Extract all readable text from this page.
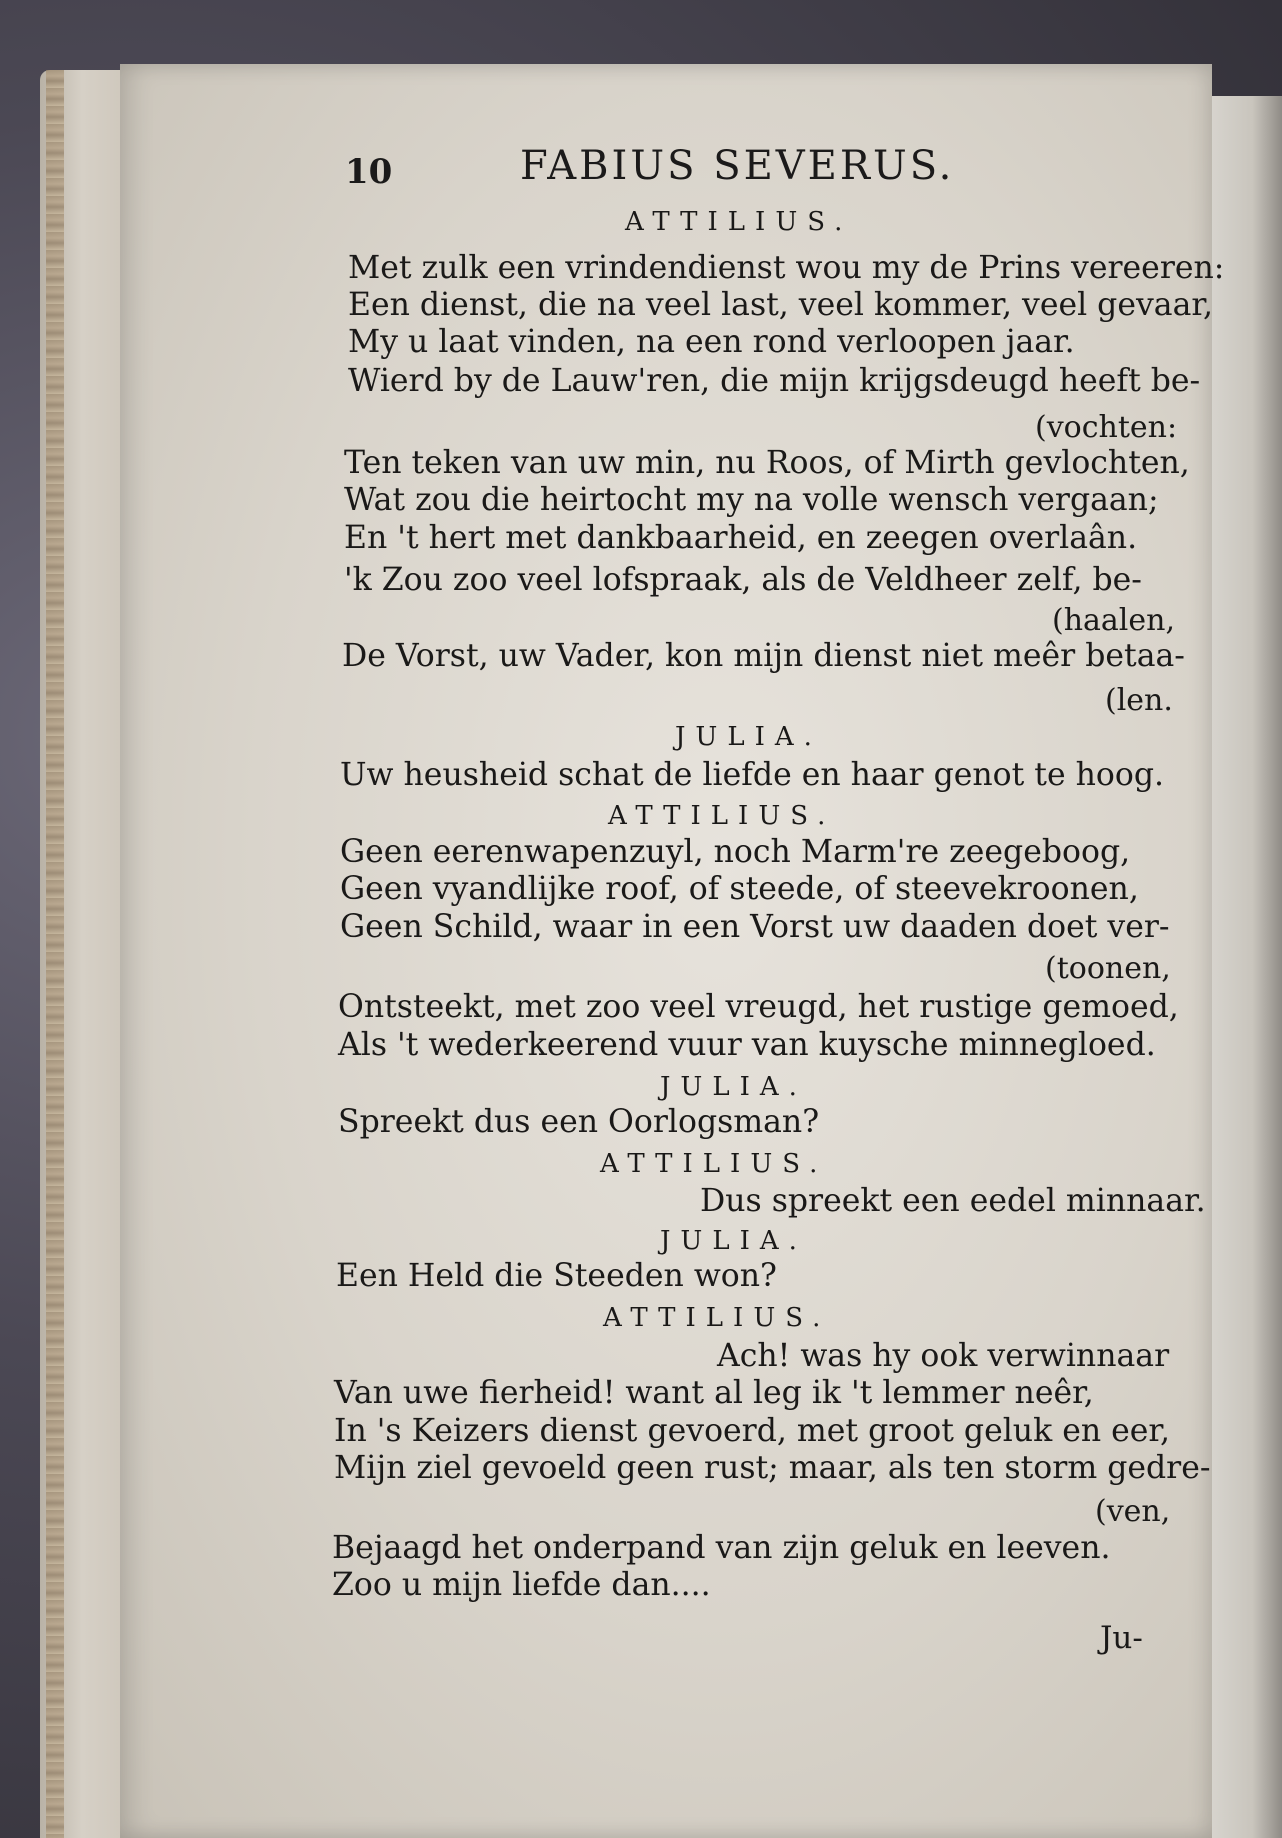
10	FABIUS SEVERUS.
ATTILIUS.
Met zulk een vrindendienst wou my de Prins vereeren:
Een dienst, die na veel last, veel kommer, veel gevaar,
My u laat vinden, na een rond verloopen jaar.
Wierd by de Lauw'ren, die mijn krijgsdeugd heeft be-
(vochten:
Ten teken van uw min, nu Roos, of Mirth gevlochten,
Wat zou die heirtocht my na volle wensch vergaan;
En 't hert met dankbaarheid, en zeegen overlaân.
'k Zou zoo veel lofspraak, als de Veldheer zelf, be-
(haalen,
De Vorst, uw Vader, kon mijn dienst niet meêr betaa-
(len.
JULIA.
Uw heusheid schat de liefde en haar genot te hoog.
ATTILIUS.
Geen eerenwapenzuyl, noch Marm're zeegeboog,
Geen vyandlijke roof, of steede, of steevekroonen,
Geen Schild, waar in een Vorst uw daaden doet ver-
(toonen,
Ontsteekt, met zoo veel vreugd, het rustige gemoed,
Als 't wederkeerend vuur van kuysche minnegloed.
JULIA.
Spreekt dus een Oorlogsman?
ATTILIUS.
Dus spreekt een eedel minnaar.
JULIA.
Een Held die Steeden won?
ATTILIUS.
Ach! was hy ook verwinnaar
Van uwe fierheid! want al leg ik 't lemmer neêr,
In 's Keizers dienst gevoerd, met groot geluk en eer,
Mijn ziel gevoeld geen rust; maar, als ten storm gedre-
(ven,
Bejaagd het onderpand van zijn geluk en leeven.
Zoo u mijn liefde dan....
Ju-
